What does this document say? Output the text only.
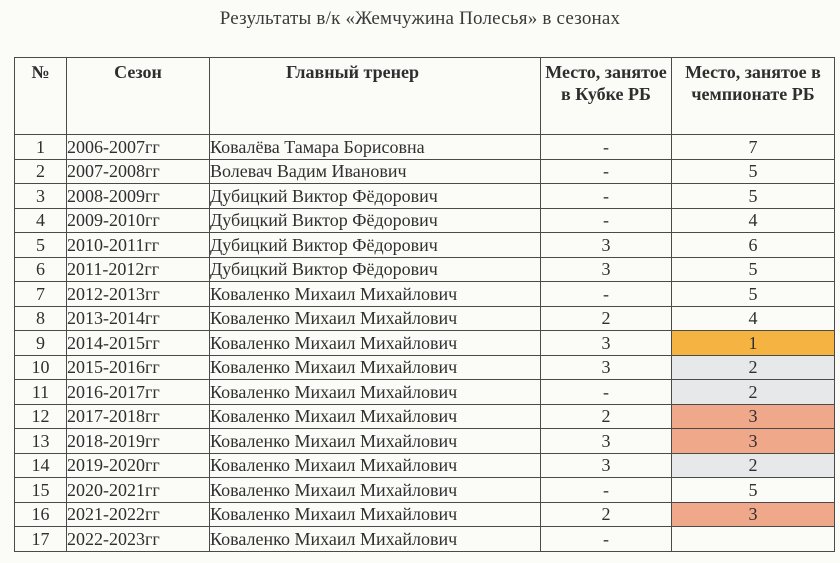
Результаты в/к «Жемчужина Полесья» в сезонах
№	Сезон	Главный тренер	Место, занятое в Кубке РБ	Место, занятое в чемпионате РБ
1	2006-2007гг	Ковалёва Тамара Борисовна	-	7
2	2007-2008гг	Волевач Вадим Иванович	-	5
3	2008-2009гг	Дубицкий Виктор Фёдорович	-	5
4	2009-2010гг	Дубицкий Виктор Фёдорович	-	4
5	2010-2011гг	Дубицкий Виктор Фёдорович	3	6
6	2011-2012гг	Дубицкий Виктор Фёдорович	3	5
7	2012-2013гг	Коваленко Михаил Михайлович	-	5
8	2013-2014гг	Коваленко Михаил Михайлович	2	4
9	2014-2015гг	Коваленко Михаил Михайлович	3	1
10	2015-2016гг	Коваленко Михаил Михайлович	3	2
11	2016-2017гг	Коваленко Михаил Михайлович	-	2
12	2017-2018гг	Коваленко Михаил Михайлович	2	3
13	2018-2019гг	Коваленко Михаил Михайлович	3	3
14	2019-2020гг	Коваленко Михаил Михайлович	3	2
15	2020-2021гг	Коваленко Михаил Михайлович	-	5
16	2021-2022гг	Коваленко Михаил Михайлович	2	3
17	2022-2023гг	Коваленко Михаил Михайлович	-	
